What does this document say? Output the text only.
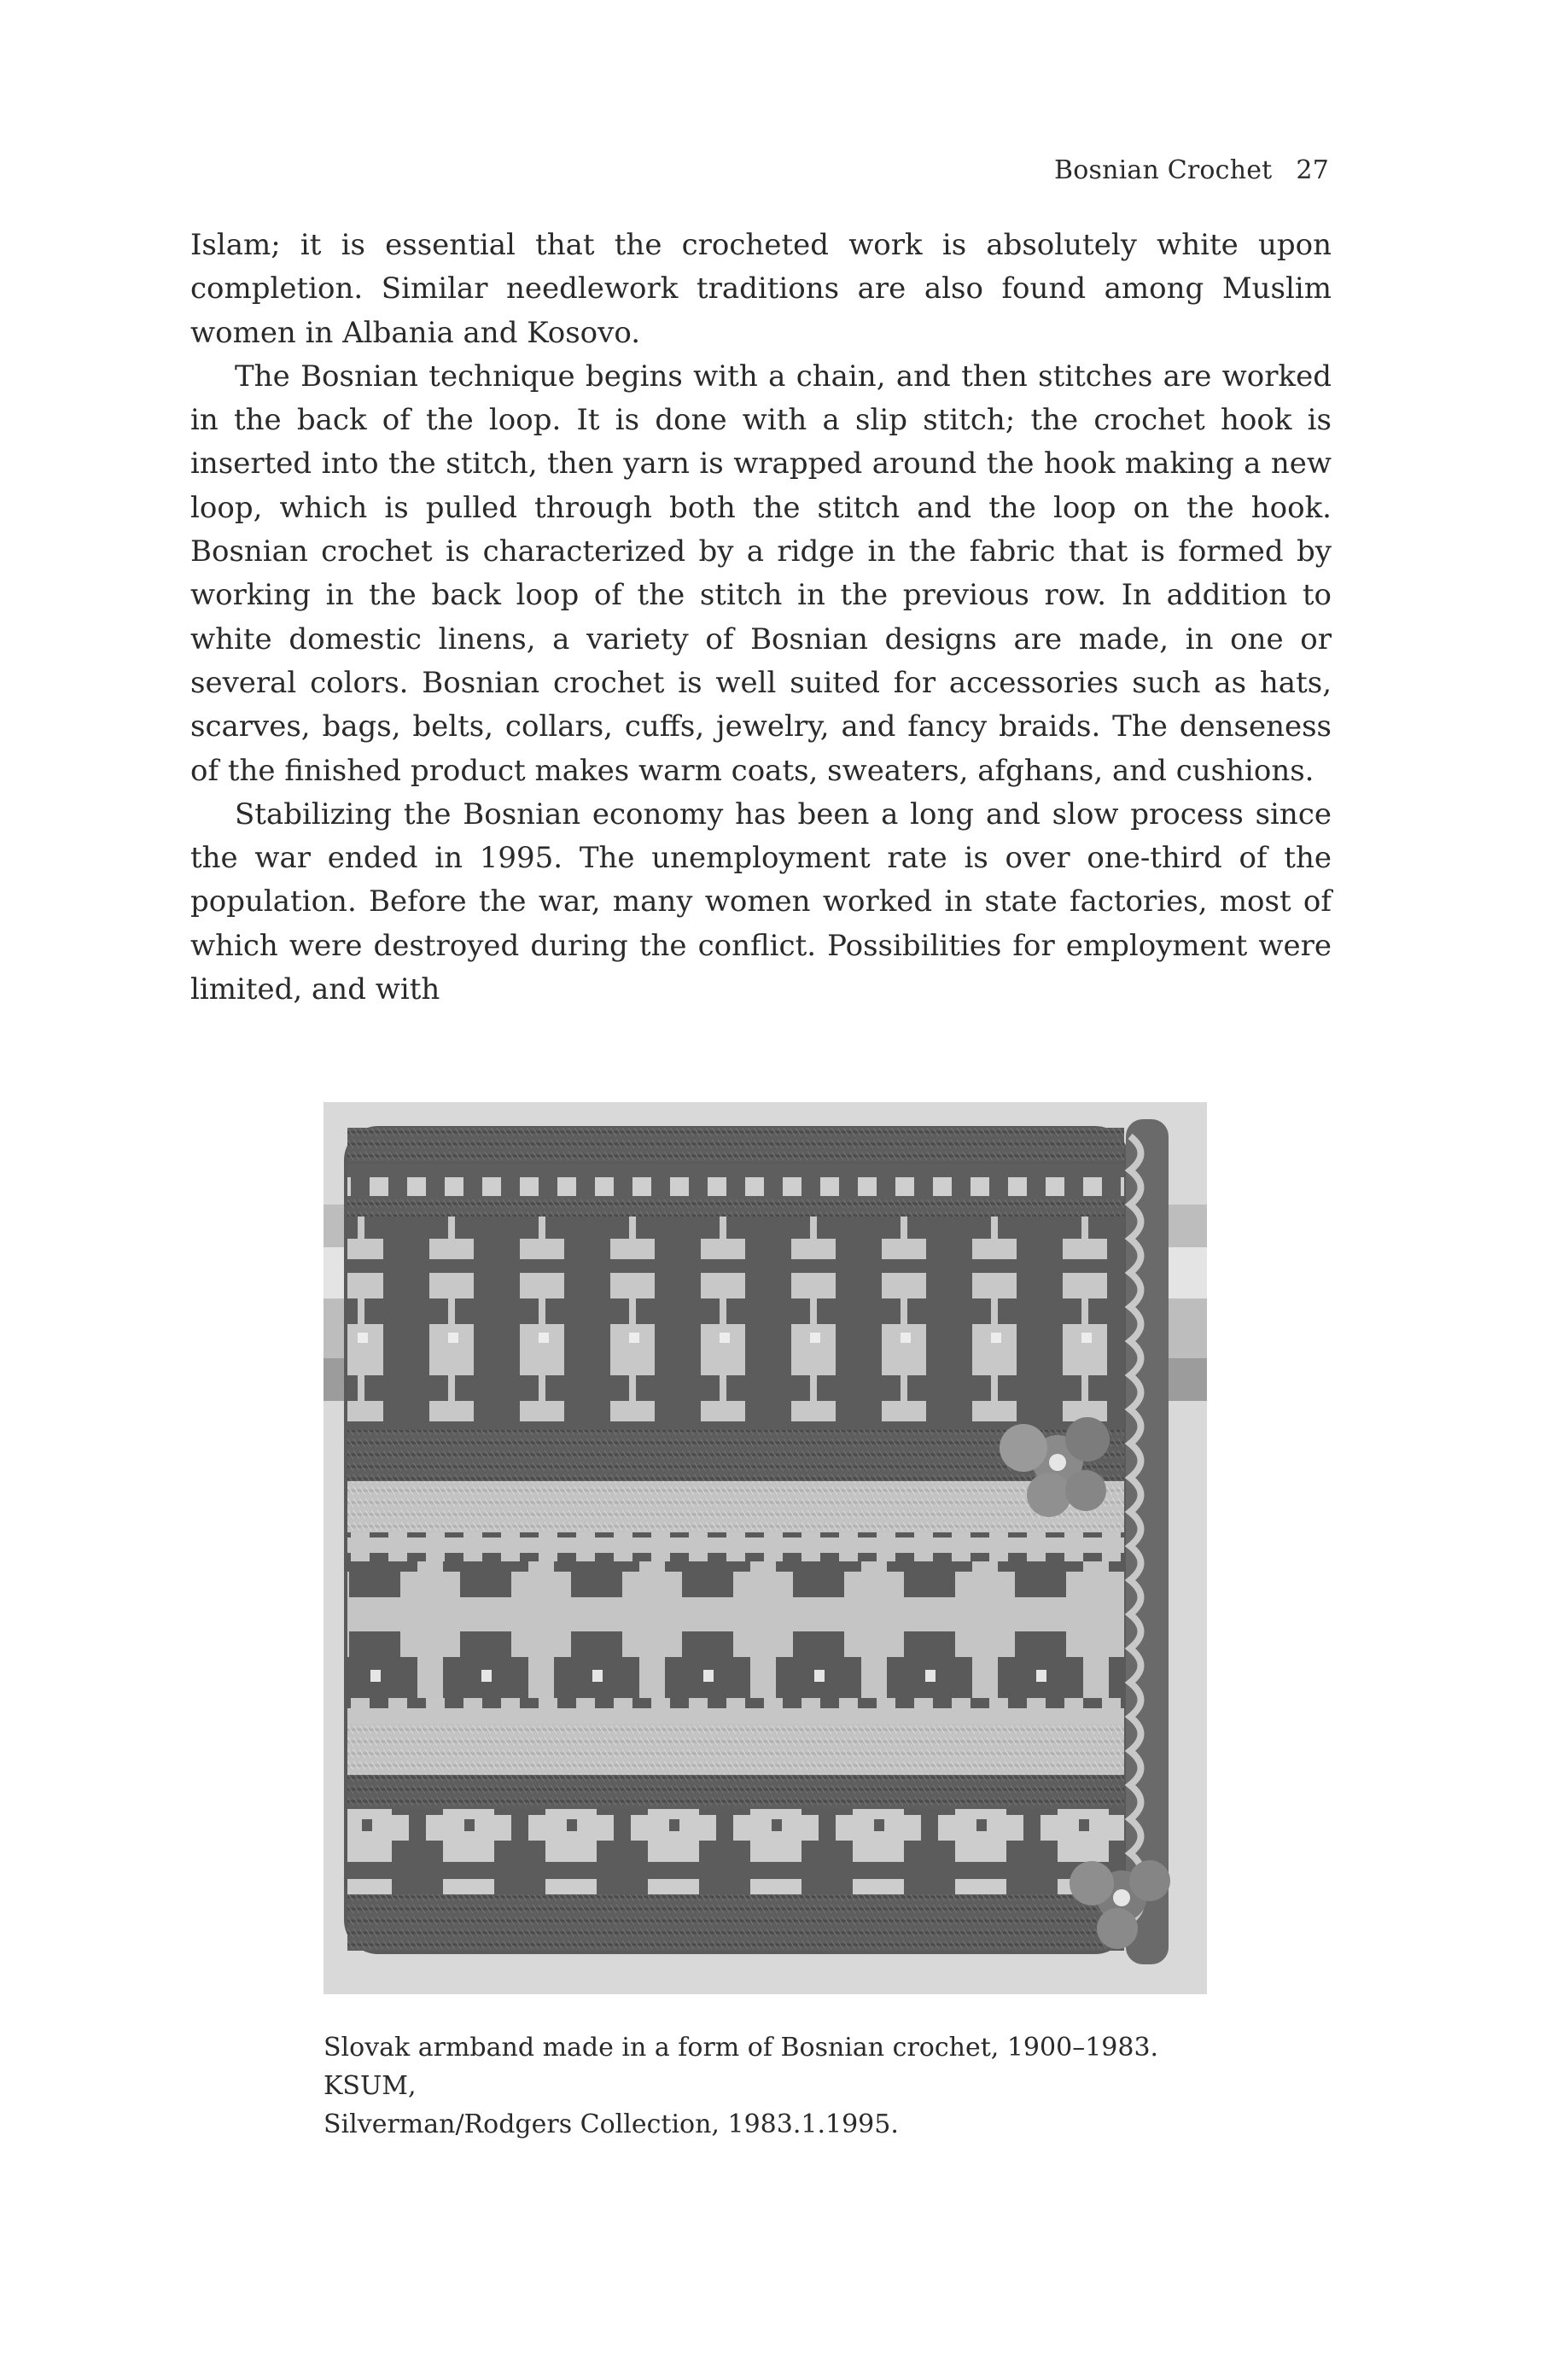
Bosnian Crochet 27

Islam; it is essential that the crocheted work is absolutely white upon completion. Similar needlework traditions are also found among Muslim women in Albania and Kosovo.

The Bosnian technique begins with a chain, and then stitches are worked in the back of the loop. It is done with a slip stitch; the crochet hook is inserted into the stitch, then yarn is wrapped around the hook making a new loop, which is pulled through both the stitch and the loop on the hook. Bosnian crochet is characterized by a ridge in the fabric that is formed by working in the back loop of the stitch in the previous row. In addition to white domestic linens, a variety of Bosnian designs are made, in one or several colors. Bosnian crochet is well suited for accessories such as hats, scarves, bags, belts, collars, cuffs, jewelry, and fancy braids. The denseness of the finished product makes warm coats, sweaters, afghans, and cushions.

Stabilizing the Bosnian economy has been a long and slow process since the war ended in 1995. The unemployment rate is over one-third of the population. Before the war, many women worked in state factories, most of which were destroyed during the conflict. Possibilities for employment were limited, and with

Slovak armband made in a form of Bosnian crochet, 1900–1983. KSUM,
Silverman/Rodgers Collection, 1983.1.1995.
